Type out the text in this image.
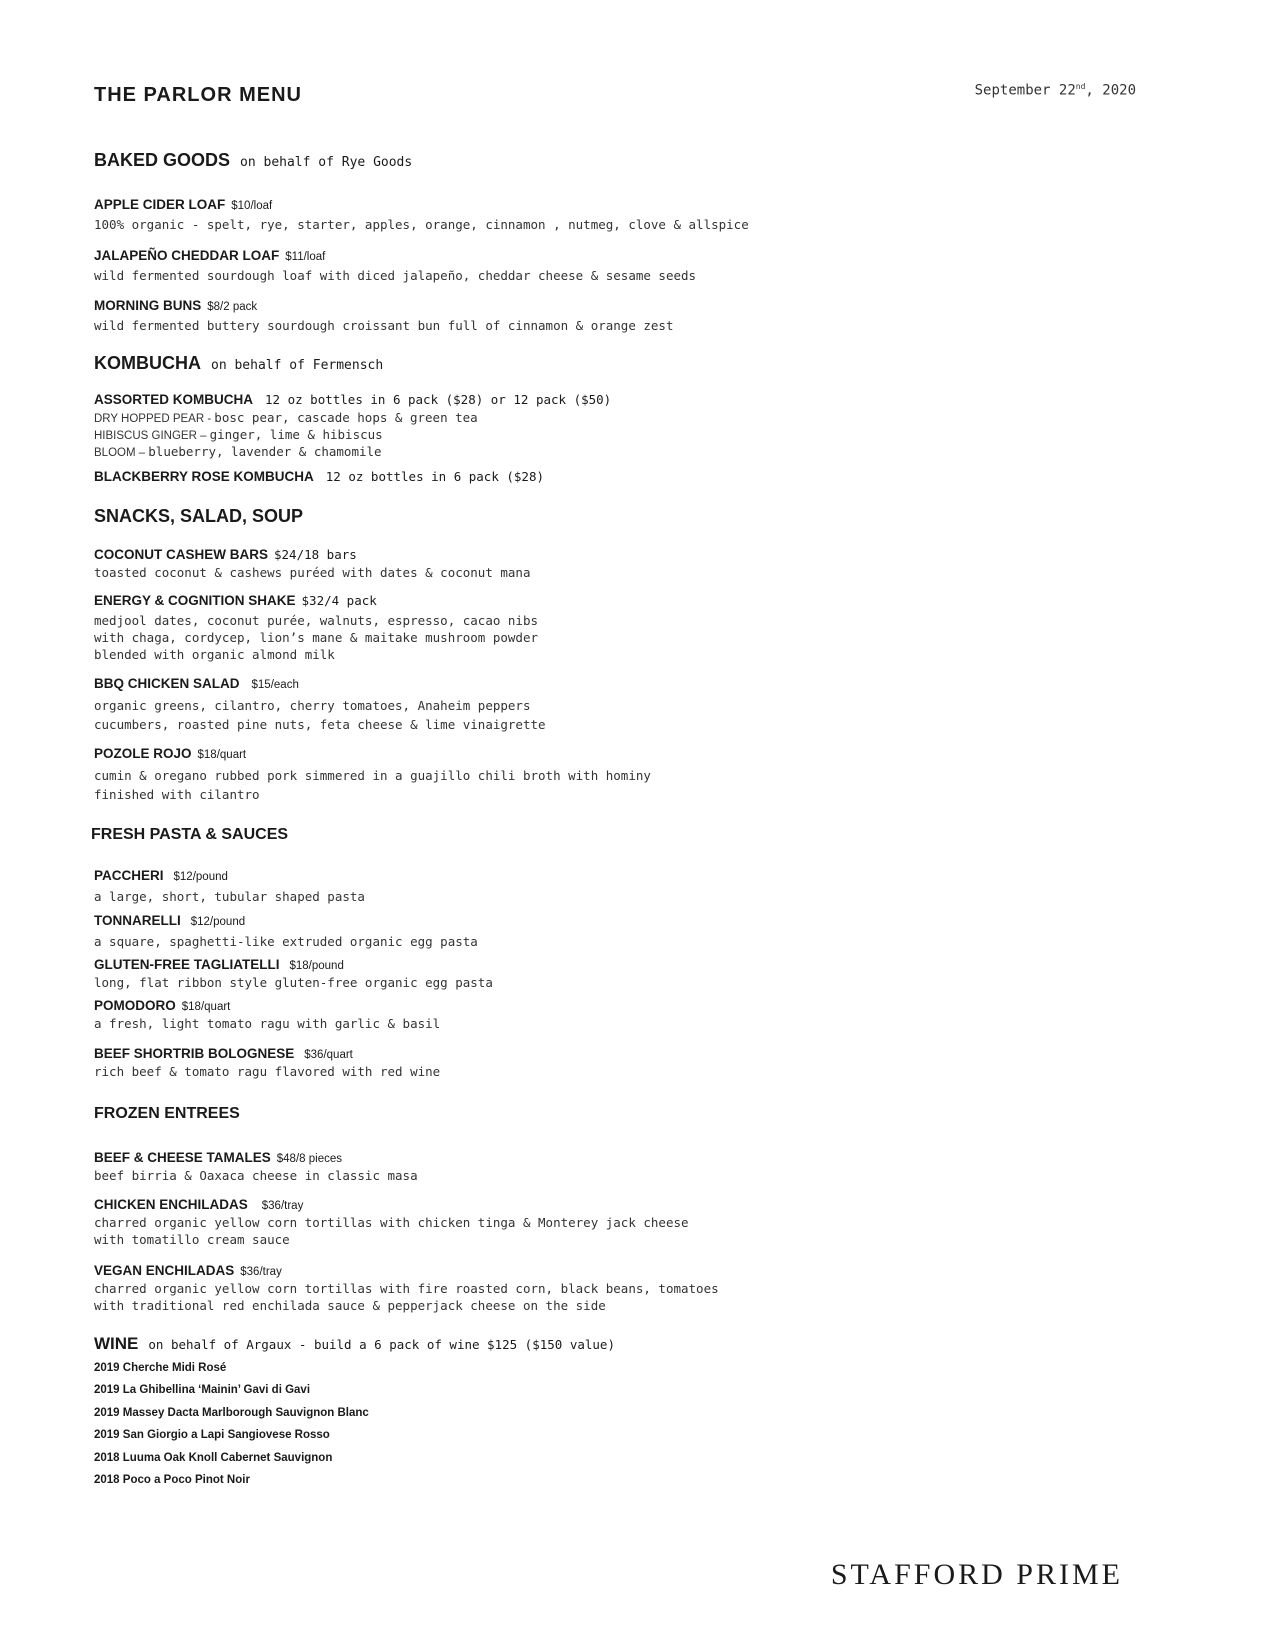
THE PARLOR MENU	September 22nd, 2020
BAKED GOODS on behalf of Rye Goods
APPLE CIDER LOAF $10/loaf
100% organic - spelt, rye, starter, apples, orange, cinnamon , nutmeg, clove & allspice
JALAPEÑO CHEDDAR LOAF $11/loaf
wild fermented sourdough loaf with diced jalapeño, cheddar cheese & sesame seeds
MORNING BUNS $8/2 pack
wild fermented buttery sourdough croissant bun full of cinnamon & orange zest
KOMBUCHA on behalf of Fermensch
ASSORTED KOMBUCHA 12 oz bottles in 6 pack ($28) or 12 pack ($50)
DRY HOPPED PEAR - bosc pear, cascade hops & green tea
HIBISCUS GINGER – ginger, lime & hibiscus
BLOOM – blueberry, lavender & chamomile
BLACKBERRY ROSE KOMBUCHA 12 oz bottles in 6 pack ($28)
SNACKS, SALAD, SOUP
COCONUT CASHEW BARS $24/18 bars
toasted coconut & cashews puréed with dates & coconut mana
ENERGY & COGNITION SHAKE $32/4 pack
medjool dates, coconut purée, walnuts, espresso, cacao nibs
with chaga, cordycep, lion’s mane & maitake mushroom powder
blended with organic almond milk
BBQ CHICKEN SALAD $15/each
organic greens, cilantro, cherry tomatoes, Anaheim peppers
cucumbers, roasted pine nuts, feta cheese & lime vinaigrette
POZOLE ROJO $18/quart
cumin & oregano rubbed pork simmered in a guajillo chili broth with hominy
finished with cilantro
FRESH PASTA & SAUCES
PACCHERI $12/pound
a large, short, tubular shaped pasta
TONNARELLI $12/pound
a square, spaghetti-like extruded organic egg pasta
GLUTEN-FREE TAGLIATELLI $18/pound
long, flat ribbon style gluten-free organic egg pasta
POMODORO $18/quart
a fresh, light tomato ragu with garlic & basil
BEEF SHORTRIB BOLOGNESE $36/quart
rich beef & tomato ragu flavored with red wine
FROZEN ENTREES
BEEF & CHEESE TAMALES $48/8 pieces
beef birria & Oaxaca cheese in classic masa
CHICKEN ENCHILADAS $36/tray
charred organic yellow corn tortillas with chicken tinga & Monterey jack cheese
with tomatillo cream sauce
VEGAN ENCHILADAS $36/tray
charred organic yellow corn tortillas with fire roasted corn, black beans, tomatoes
with traditional red enchilada sauce & pepperjack cheese on the side
WINE on behalf of Argaux - build a 6 pack of wine $125 ($150 value)
2019 Cherche Midi Rosé
2019 La Ghibellina ‘Mainin’ Gavi di Gavi
2019 Massey Dacta Marlborough Sauvignon Blanc
2019 San Giorgio a Lapi Sangiovese Rosso
2018 Luuma Oak Knoll Cabernet Sauvignon
2018 Poco a Poco Pinot Noir
STAFFORD PRIME
